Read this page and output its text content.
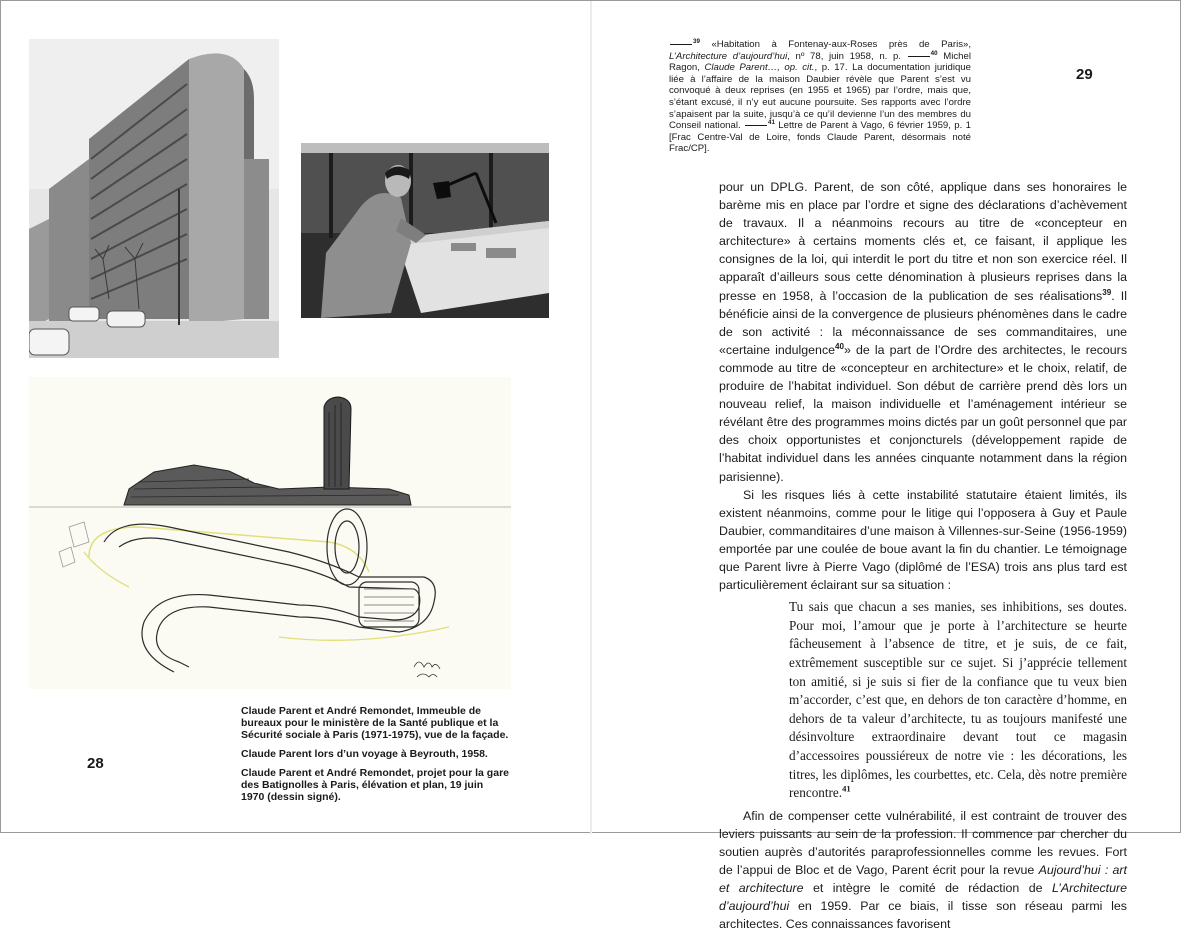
Claude Parent et André Remondet, Immeuble de bureaux pour le ministère de la Santé publique et la Sécurité sociale à Paris (1971-1975), vue de la façade.

Claude Parent lors d’un voyage à Beyrouth, 1958.

Claude Parent et André Remondet, projet pour la gare des Batignolles à Paris, élévation et plan, 19 juin 1970 (dessin signé).

28
29

$^{39}$ «Habitation à Fontenay-aux-Roses près de Paris», L’Architecture d’aujourd’hui, nº 78, juin 1958, n. p.	$^{40}$ Michel Ragon, Claude Parent…, op. cit., p. 17. La documentation juridique liée à l’affaire de la maison Daubier révèle que Parent s’est vu convoqué à deux reprises (en 1955 et 1965) par l’ordre, mais que, s’étant excusé, il n’y eut aucune poursuite. Ses rapports avec l’ordre s’apaisent par la suite, jusqu’à ce qu’il devienne l’un des membres du Conseil national.	$^{41}$ Lettre de Parent à Vago, 6 février 1959, p. 1 [Frac Centre-Val de Loire, fonds Claude Parent, désormais noté Frac/CP].

pour un DPLG. Parent, de son côté, applique dans ses honoraires le barème mis en place par l’ordre et signe des déclarations d’achèvement de travaux. Il a néanmoins recours au titre de «concepteur en architecture» à certains moments clés et, ce faisant, il applique les consignes de la loi, qui interdit le port du titre et non son exercice réel. Il apparaît d’ailleurs sous cette dénomination à plusieurs reprises dans la presse en 1958, à l’occasion de la publication de ses réalisations$^{39}$. Il bénéficie ainsi de la convergence de plusieurs phénomènes dans le cadre de son activité : la méconnaissance de ses commanditaires, une «certaine indulgence$^{40}$» de la part de l’Ordre des architectes, le recours commode au titre de «concepteur en architecture» et le choix, relatif, de produire de l’habitat individuel. Son début de carrière prend dès lors un nouveau relief, la maison individuelle et l’aménagement intérieur se révélant être des programmes moins dictés par un goût personnel que par des choix opportunistes et conjoncturels (développement rapide de l’habitat individuel dans les années cinquante notamment dans la région parisienne).

Si les risques liés à cette instabilité statutaire étaient limités, ils existent néanmoins, comme pour le litige qui l’opposera à Guy et Paule Daubier, commanditaires d’une maison à Villennes-sur-Seine (1956-1959) emportée par une coulée de boue avant la fin du chantier. Le témoignage que Parent livre à Pierre Vago (diplômé de l’ESA) trois ans plus tard est particulièrement éclairant sur sa situation :

Tu sais que chacun a ses manies, ses inhibitions, ses doutes. Pour moi, l’amour que je porte à l’architecture se heurte fâcheusement à l’absence de titre, et je suis, de ce fait, extrêmement susceptible sur ce sujet. Si j’apprécie tellement ton amitié, si je suis si fier de la confiance que tu veux bien m’accorder, c’est que, en dehors de ton caractère d’homme, en dehors de ta valeur d’architecte, tu as toujours manifesté une désinvolture extraordinaire devant tout ce magasin d’accessoires poussiéreux de notre vie : les décorations, les titres, les diplômes, les courbettes, etc. Cela, dès notre première rencontre.$^{41}$

Afin de compenser cette vulnérabilité, il est contraint de trouver des leviers puissants au sein de la profession. Il commence par chercher du soutien auprès d’autorités paraprofessionnelles comme les revues. Fort de l’appui de Bloc et de Vago, Parent écrit pour la revue Aujourd’hui : art et architecture et intègre le comité de rédaction de L’Architecture d’aujourd’hui en 1959. Par ce biais, il tisse son réseau parmi les architectes. Ces connaissances favorisent
